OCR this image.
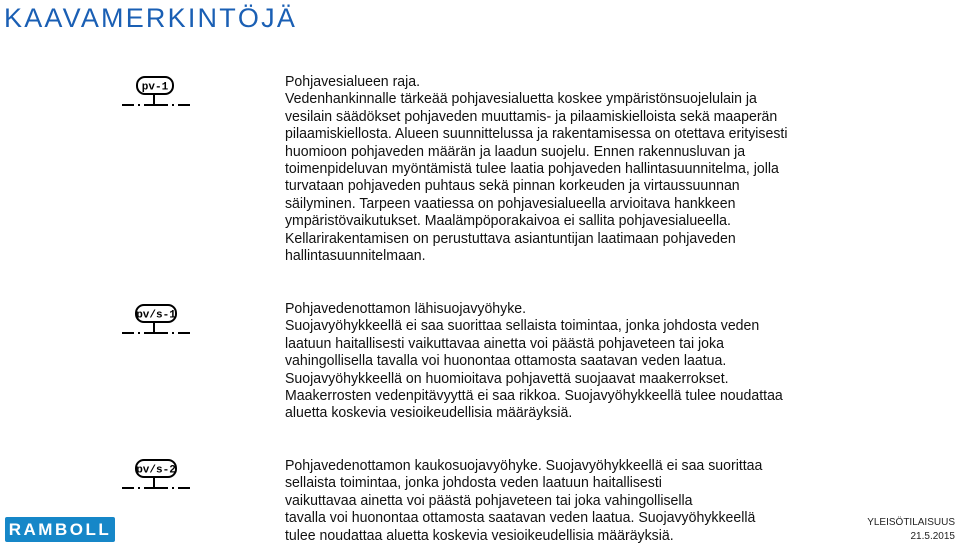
KAAVAMERKINTÖJÄ
pv-1	Pohjavesialueen raja.
Vedenhankinnalle tärkeää pohjavesialuetta koskee ympäristönsuojelulain ja
vesilain säädökset pohjaveden muuttamis- ja pilaamiskielloista sekä maaperän
pilaamiskiellosta. Alueen suunnittelussa ja rakentamisessa on otettava erityisesti
huomioon pohjaveden määrän ja laadun suojelu. Ennen rakennusluvan ja
toimenpideluvan myöntämistä tulee laatia pohjaveden hallintasuunnitelma, jolla
turvataan pohjaveden puhtaus sekä pinnan korkeuden ja virtaussuunnan
säilyminen. Tarpeen vaatiessa on pohjavesialueella arvioitava hankkeen
ympäristövaikutukset. Maalämpöporakaivoa ei sallita pohjavesialueella.
Kellarirakentamisen on perustuttava asiantuntijan laatimaan pohjaveden
hallintasuunnitelmaan.
pv/s-1	Pohjavedenottamon lähisuojavyöhyke.
Suojavyöhykkeellä ei saa suorittaa sellaista toimintaa, jonka johdosta veden
laatuun haitallisesti vaikuttavaa ainetta voi päästä pohjaveteen tai joka
vahingollisella tavalla voi huonontaa ottamosta saatavan veden laatua.
Suojavyöhykkeellä on huomioitava pohjavettä suojaavat maakerrokset.
Maakerrosten vedenpitävyyttä ei saa rikkoa. Suojavyöhykkeellä tulee noudattaa
aluetta koskevia vesioikeudellisia määräyksiä.
pv/s-2	Pohjavedenottamon kaukosuojavyöhyke. Suojavyöhykkeellä ei saa suorittaa
sellaista toimintaa, jonka johdosta veden laatuun haitallisesti
vaikuttavaa ainetta voi päästä pohjaveteen tai joka vahingollisella
tavalla voi huonontaa ottamosta saatavan veden laatua. Suojavyöhykkeellä
tulee noudattaa aluetta koskevia vesioikeudellisia määräyksiä.
RAMBOLL	YLEISÖTILAISUUS
21.5.2015
